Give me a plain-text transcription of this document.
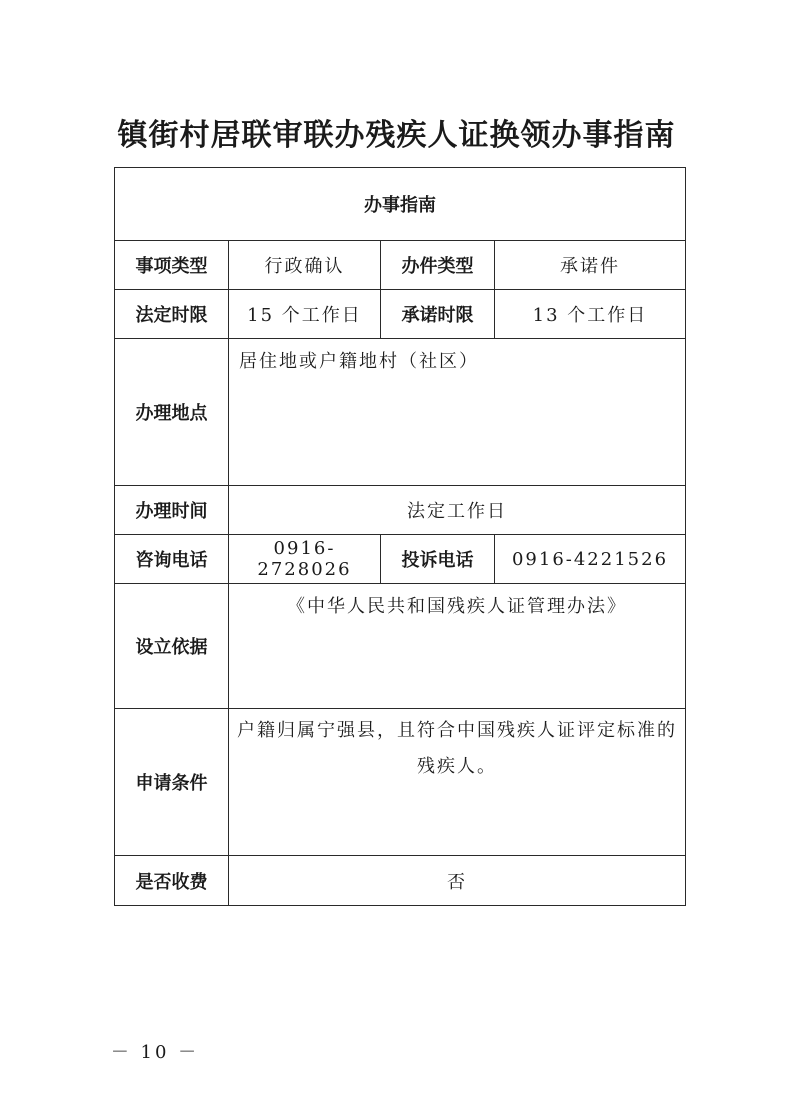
镇街村居联审联办残疾人证换领办事指南
办事指南			
事项类型	行政确认	办件类型	承诺件
法定时限	15 个工作日	承诺时限	13 个工作日
办理地点	居住地或户籍地村（社区）		
办理时间	法定工作日		
咨询电话	0916-2728026	投诉电话	0916-4221526
设立依据	《中华人民共和国残疾人证管理办法》		
申请条件	户籍归属宁强县，且符合中国残疾人证评定标准的残疾人。		

是否收费	否		
－ 10 －
